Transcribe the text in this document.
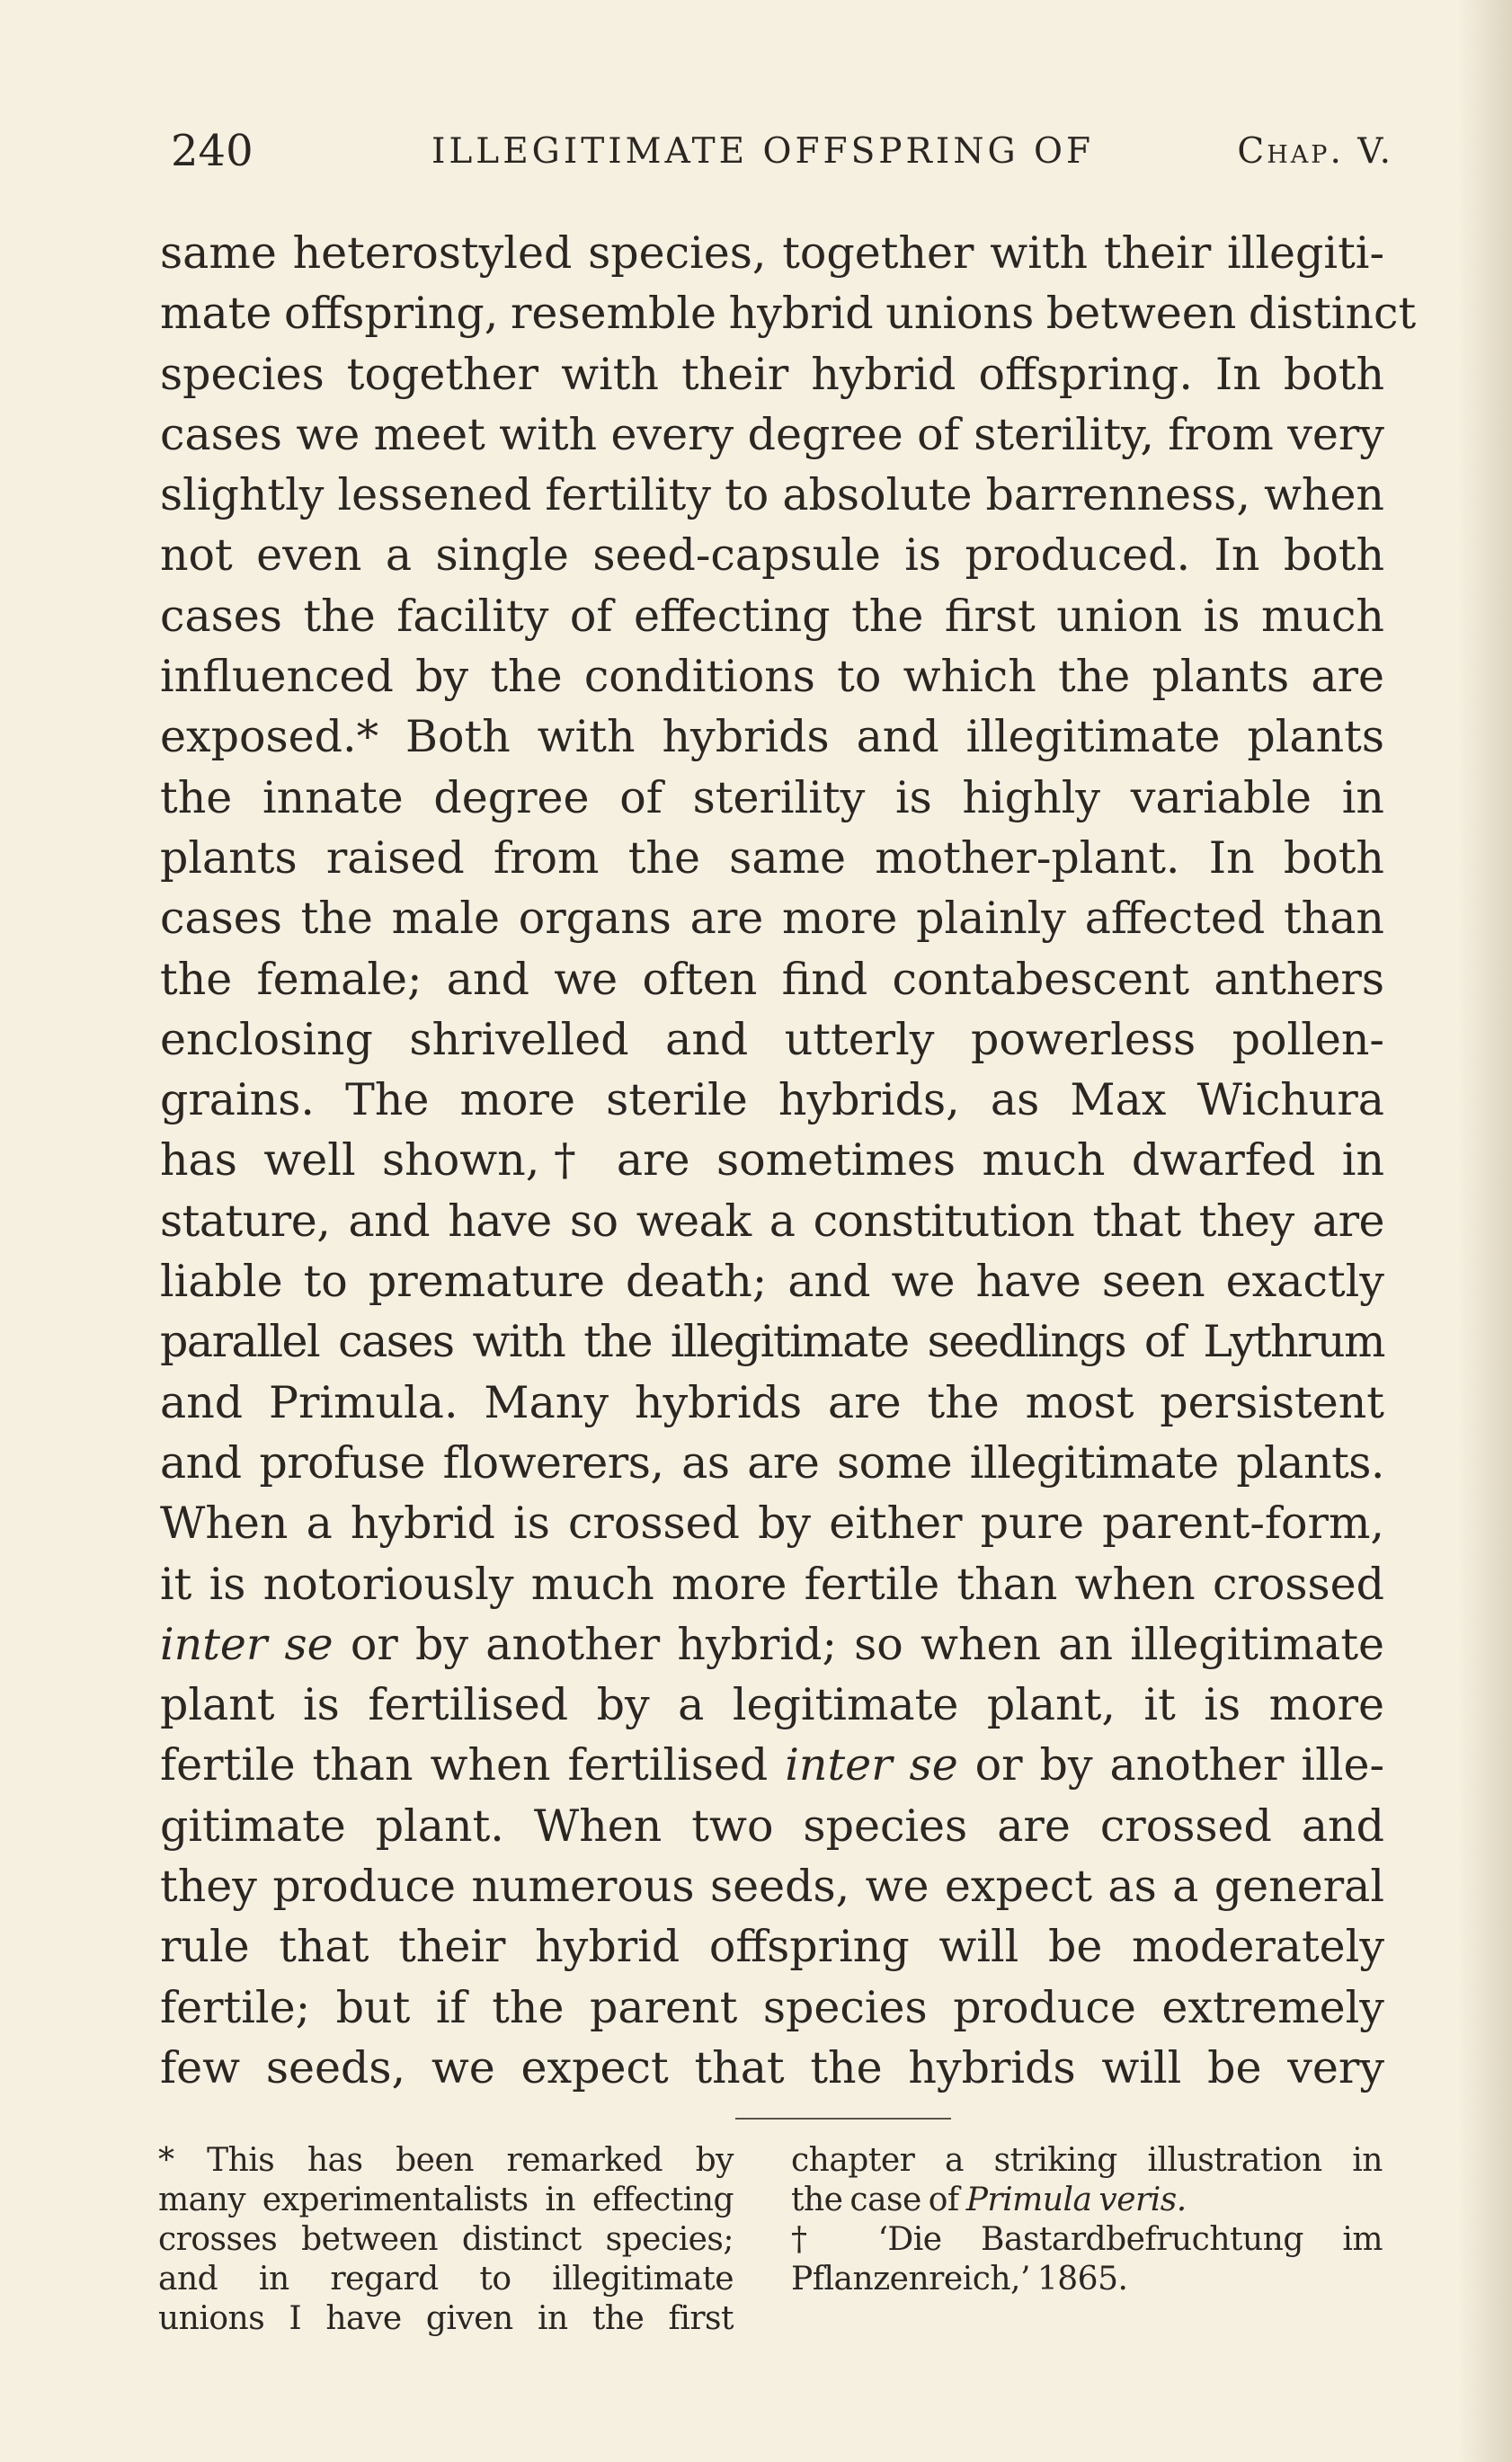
240	ILLEGITIMATE OFFSPRING OF	Chap. V.
same heterostyled species, together with their illegiti-
mate offspring, resemble hybrid unions between distinct
species together with their hybrid offspring. In both
cases we meet with every degree of sterility, from very
slightly lessened fertility to absolute barrenness, when
not even a single seed-capsule is produced. In both
cases the facility of effecting the first union is much
influenced by the conditions to which the plants are
exposed.* Both with hybrids and illegitimate plants
the innate degree of sterility is highly variable in
plants raised from the same mother-plant. In both
cases the male organs are more plainly affected than
the female; and we often find contabescent anthers
enclosing shrivelled and utterly powerless pollen-
grains. The more sterile hybrids, as Max Wichura
has well shown,† are sometimes much dwarfed in
stature, and have so weak a constitution that they are
liable to premature death; and we have seen exactly
parallel cases with the illegitimate seedlings of Lythrum
and Primula. Many hybrids are the most persistent
and profuse flowerers, as are some illegitimate plants.
When a hybrid is crossed by either pure parent-form,
it is notoriously much more fertile than when crossed
inter se or by another hybrid; so when an illegitimate
plant is fertilised by a legitimate plant, it is more
fertile than when fertilised inter se or by another ille-
gitimate plant. When two species are crossed and
they produce numerous seeds, we expect as a general
rule that their hybrid offspring will be moderately
fertile; but if the parent species produce extremely
few seeds, we expect that the hybrids will be very
* This has been remarked by
many experimentalists in effecting
crosses between distinct species;
and in regard to illegitimate
unions I have given in the first
chapter a striking illustration in
the case of Primula veris.
† ‘Die Bastardbefruchtung im
Pflanzenreich,’ 1865.
